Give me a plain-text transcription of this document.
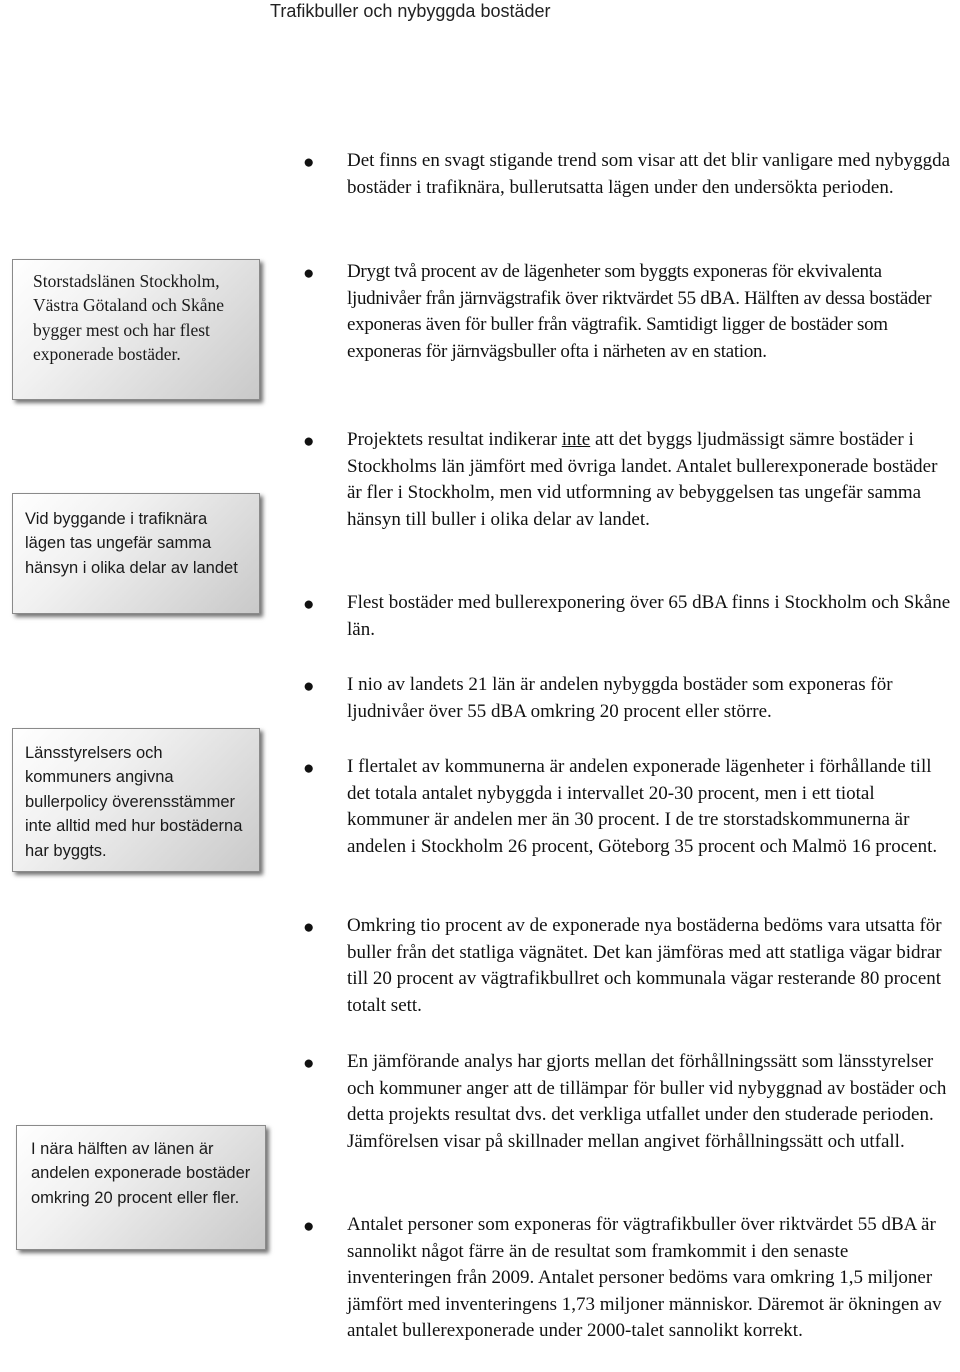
Trafikbuller och nybyggda bostäder
Storstadslänen Stockholm, Västra Götaland och Skåne bygger mest och har flest exponerade bostäder.
Vid byggande i trafiknära lägen tas ungefär samma hänsyn i olika delar av landet
Länsstyrelsers och kommuners angivna bullerpolicy överensstämmer inte alltid med hur bostäderna har byggts.
I nära hälften av länen är andelen exponerade bostäder omkring 20 procent eller fler.
● Det finns en svagt stigande trend som visar att det blir vanligare med nybyggda bostäder i trafiknära, bullerutsatta lägen under den undersökta perioden.
● Drygt två procent av de lägenheter som byggts exponeras för ekvivalenta ljudnivåer från järnvägstrafik över riktvärdet 55 dBA. Hälften av dessa bostäder exponeras även för buller från vägtrafik. Samtidigt ligger de bostäder som exponeras för järnvägsbuller ofta i närheten av en station.
● Projektets resultat indikerar inte att det byggs ljudmässigt sämre bostäder i Stockholms län jämfört med övriga landet. Antalet bullerexponerade bostäder är fler i Stockholm, men vid utformning av bebyggelsen tas ungefär samma hänsyn till buller i olika delar av landet.
● Flest bostäder med bullerexponering över 65 dBA finns i Stockholm och Skåne län.
● I nio av landets 21 län är andelen nybyggda bostäder som exponeras för ljudnivåer över 55 dBA omkring 20 procent eller större.
● I flertalet av kommunerna är andelen exponerade lägenheter i förhållande till det totala antalet nybyggda i intervallet 20-30 procent, men i ett tiotal kommuner är andelen mer än 30 procent. I de tre storstadskommunerna är andelen i Stockholm 26 procent, Göteborg 35 procent och Malmö 16 procent.
● Omkring tio procent av de exponerade nya bostäderna bedöms vara utsatta för buller från det statliga vägnätet. Det kan jämföras med att statliga vägar bidrar till 20 procent av vägtrafikbullret och kommunala vägar resterande 80 procent totalt sett.
● En jämförande analys har gjorts mellan det förhållningssätt som länsstyrelser och kommuner anger att de tillämpar för buller vid nybyggnad av bostäder och detta projekts resultat dvs. det verkliga utfallet under den studerade perioden. Jämförelsen visar på skillnader mellan angivet förhållningssätt och utfall.
● Antalet personer som exponeras för vägtrafikbuller över riktvärdet 55 dBA är sannolikt något färre än de resultat som framkommit i den senaste inventeringen från 2009. Antalet personer bedöms vara omkring 1,5 miljoner jämfört med inventeringens 1,73 miljoner människor. Däremot är ökningen av antalet bullerexponerade under 2000-talet sannolikt korrekt.
